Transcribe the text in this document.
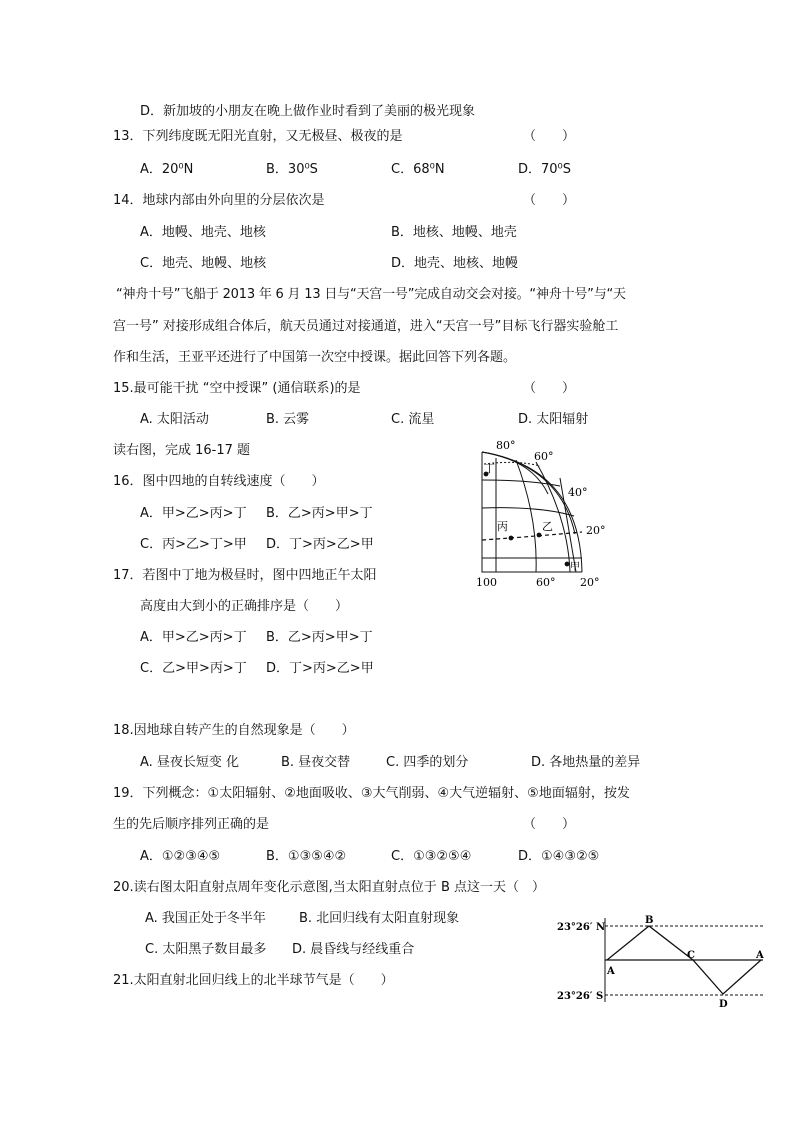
D．新加坡的小朋友在晚上做作业时看到了美丽的极光现象
13．下列纬度既无阳光直射，又无极昼、极夜的是	（　　）
A．20⁰N	B．30⁰S	C．68⁰N	D．70⁰S
14．地球内部由外向里的分层依次是	（　　）
A．地幔、地壳、地核	B．地核、地幔、地壳
C．地壳、地幔、地核	D．地壳、地核、地幔
“神舟十号”飞船于 2013 年 6 月 13 日与“天宫一号”完成自动交会对接。“神舟十号”与“天
宫一号” 对接形成组合体后，航天员通过对接通道，进入“天宫一号”目标飞行器实验舱工
作和生活，王亚平还进行了中国第一次空中授课。据此回答下列各题。
15.最可能干扰 “空中授课” (通信联系)的是	（　　）
A. 太阳活动	B. 云雾	C. 流星	D. 太阳辐射
读右图，完成 16-17 题
16．图中四地的自转线速度（　　）
A．甲>乙>丙>丁 B．乙>丙>甲>丁
C．丙>乙>丁>甲 D．丁>丙>乙>甲
17．若图中丁地为极昼时，图中四地正午太阳
高度由大到小的正确排序是（　　）
A．甲>乙>丙>丁 B．乙>丙>甲>丁
C．乙>甲>丙>丁 D．丁>丙>乙>甲
80°
60°
40°
20°
100	60° 20°
丁
丙	乙
甲
18.因地球自转产生的自然现象是（　　）
A. 昼夜长短变 化	B. 昼夜交替	C. 四季的划分	D. 各地热量的差异
19．下列概念：①太阳辐射、②地面吸收、③大气削弱、④大气逆辐射、⑤地面辐射，按发
生的先后顺序排列正确的是	（　　）
A．①②③④⑤	B．①③⑤④②	C．①③②⑤④	D．①④③②⑤
20.读右图太阳直射点周年变化示意图,当太阳直射点位于 B 点这一天（　）
A. 我国正处于冬半年	B. 北回归线有太阳直射现象
C. 太阳黑子数目最多 D. 晨昏线与经线重合
23°26′ N
23°26′ S
A
B
C
D
A
21.太阳直射北回归线上的北半球节气是（　　）
